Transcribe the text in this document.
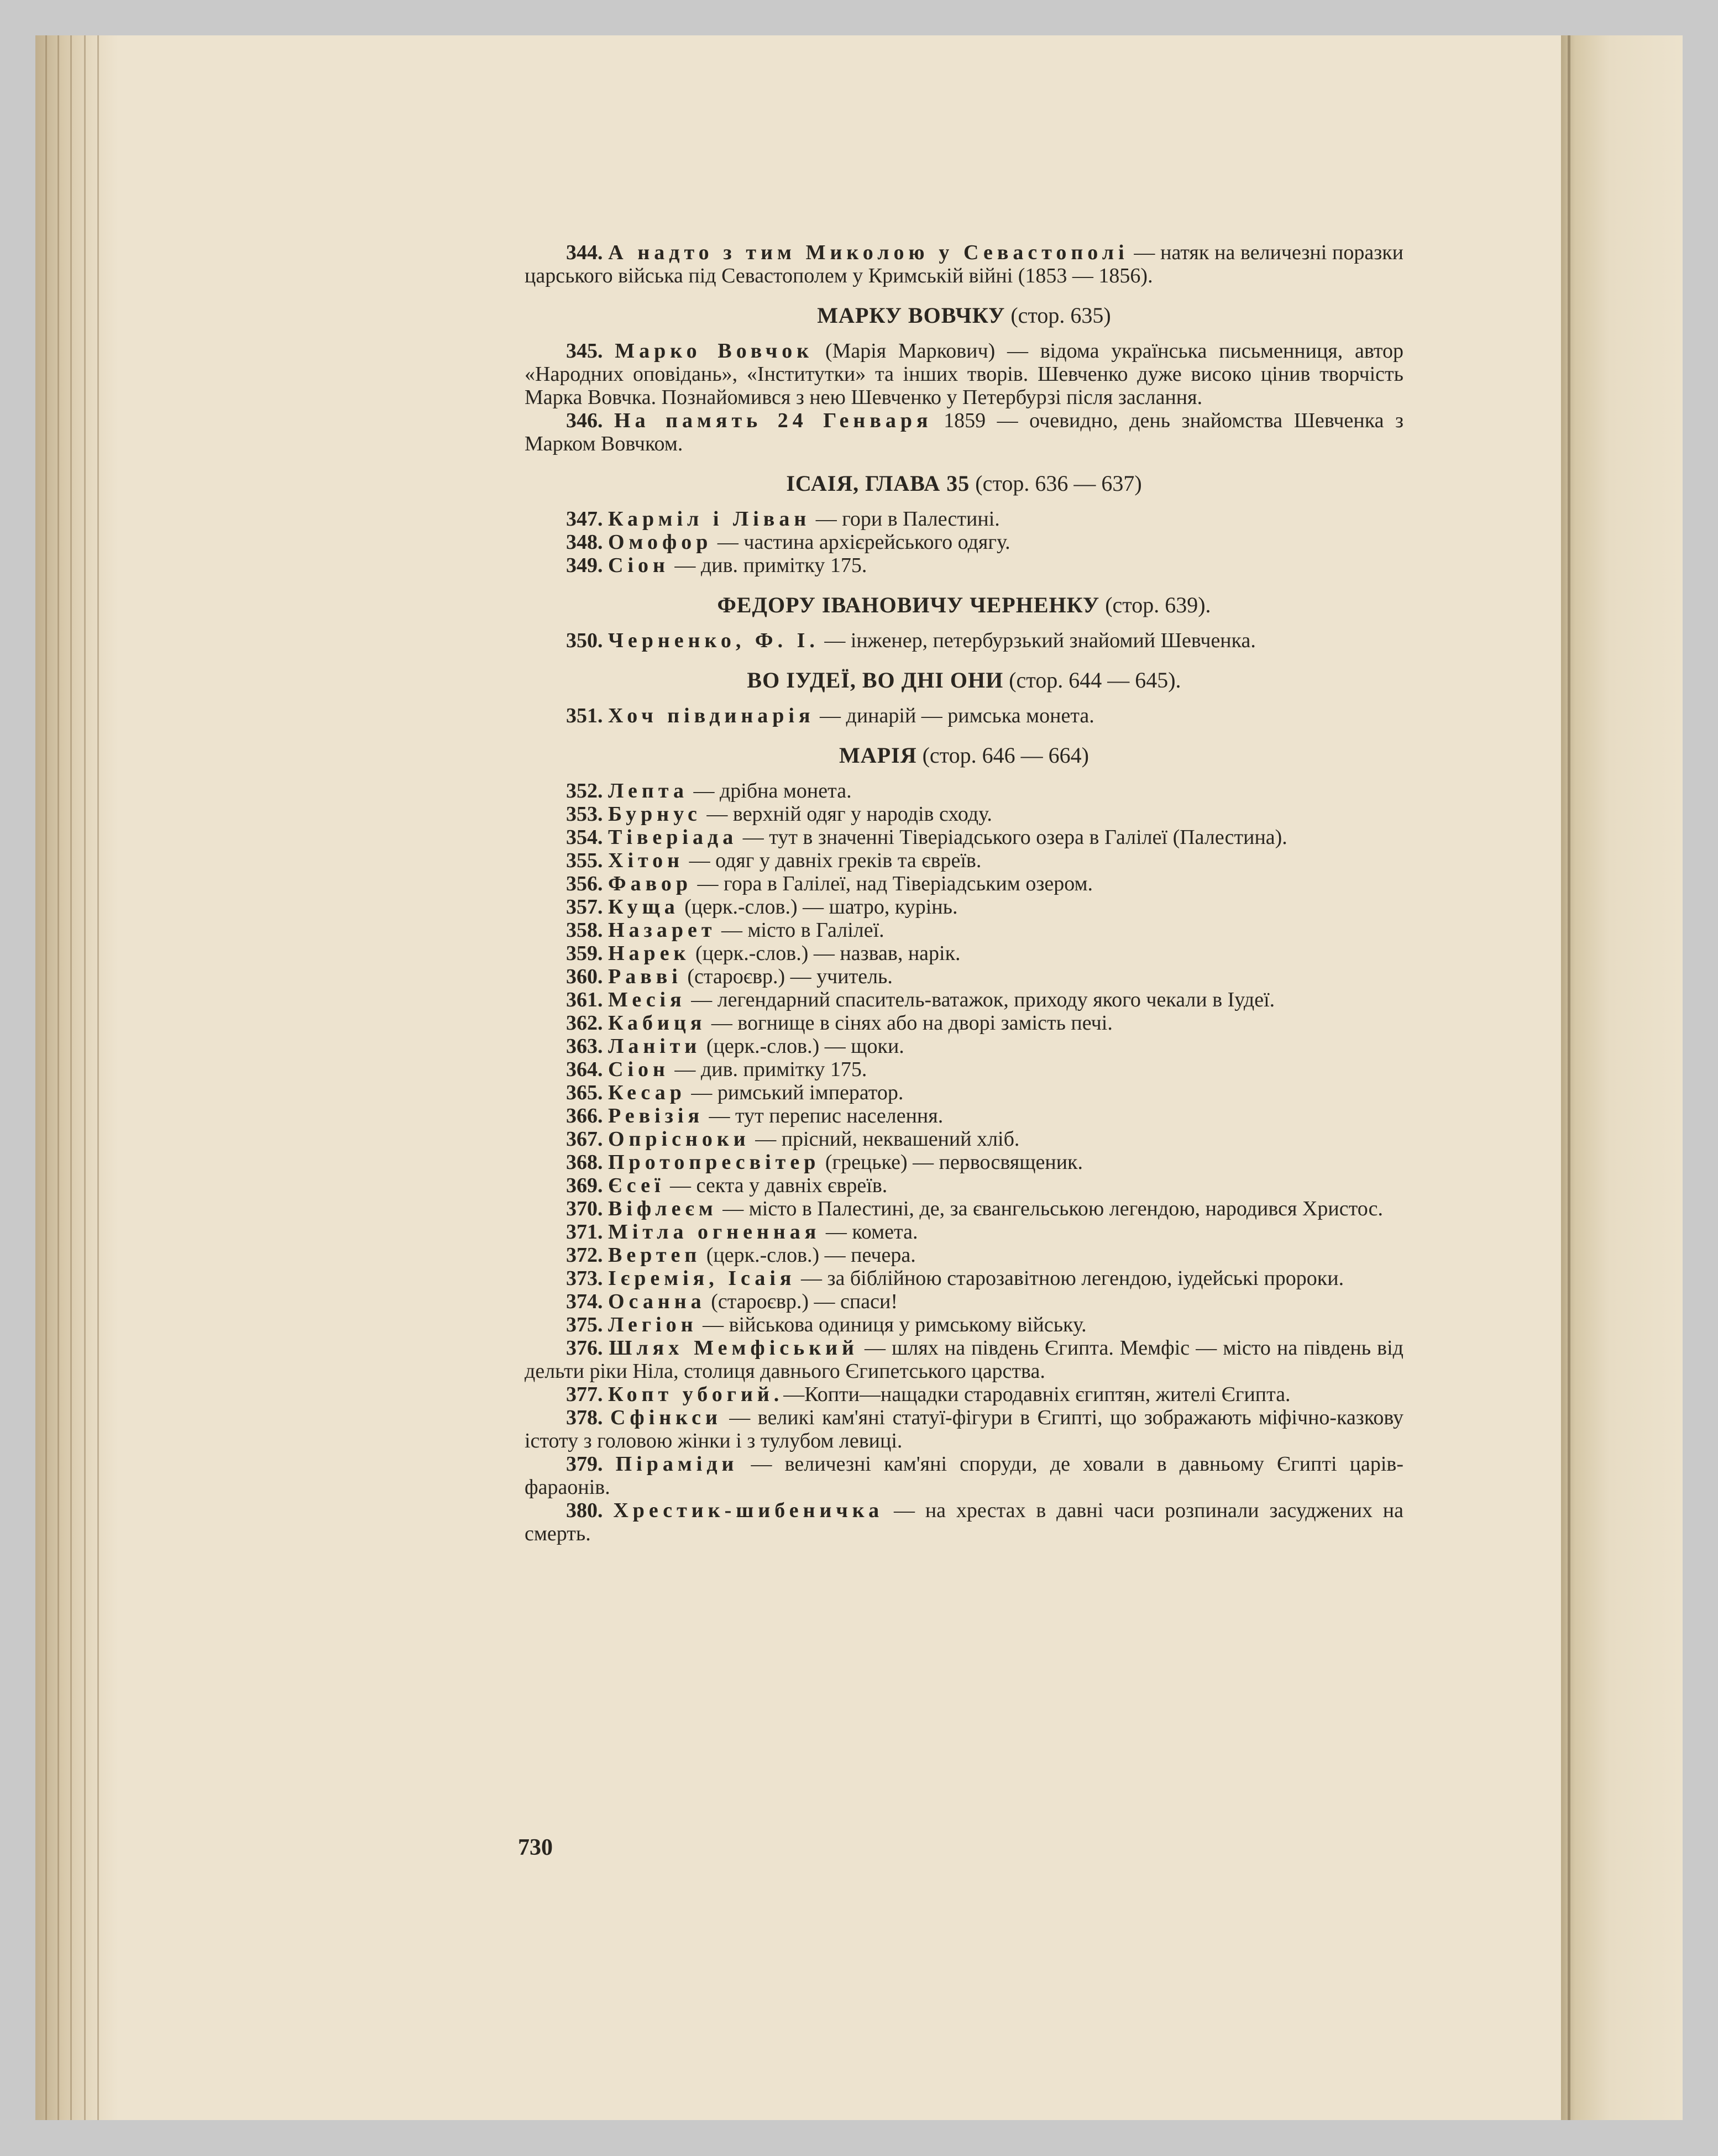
344. А надто з тим Миколою у Севастополі — натяк на величезні поразки царського війська під Севастополем у Кримській війні (1853 — 1856).

МАРКУ ВОВЧКУ (стор. 635)

345. Марко Вовчок (Марія Маркович) — відома українська письменниця, автор «Народних оповідань», «Інститутки» та інших творів. Шевченко дуже високо цінив творчість Марка Вовчка. Познайомився з нею Шевченко у Петербурзі після заслання.

346. На память 24 Генваря 1859 — очевидно, день знайомства Шевченка з Марком Вовчком.

ІСАІЯ, ГЛАВА 35 (стор. 636 — 637)

347. Карміл і Ліван — гори в Палестині.

348. Омофор — частина архієрейського одягу.

349. Сіон — див. примітку 175.

ФЕДОРУ ІВАНОВИЧУ ЧЕРНЕНКУ (стор. 639).

350. Черненко, Ф. І. — інженер, петербурзький знайомий Шевченка.

ВО ІУДЕЇ, ВО ДНІ ОНИ (стор. 644 — 645).

351. Хоч півдинарія — динарій — римська монета.

МАРІЯ (стор. 646 — 664)

352. Лепта — дрібна монета.

353. Бурнус — верхній одяг у народів сходу.

354. Тіверіада — тут в значенні Тіверіадського озера в Галілеї (Палестина).

355. Хітон — одяг у давніх греків та євреїв.

356. Фавор — гора в Галілеї, над Тіверіадським озером.

357. Куща (церк.-слов.) — шатро, курінь.

358. Назарет — місто в Галілеї.

359. Нарек (церк.-слов.) — назвав, нарік.

360. Равві (староєвр.) — учитель.

361. Месія — легендарний спаситель-ватажок, приходу якого чекали в Іудеї.

362. Кабиця — вогнище в сінях або на дворі замість печі.

363. Ланіти (церк.-слов.) — щоки.

364. Сіон — див. примітку 175.

365. Кесар — римський імператор.

366. Ревізія — тут перепис населення.

367. Опрісноки — прісний, неквашений хліб.

368. Протопресвітер (грецьке) — первосвященик.

369. Єсеї — секта у давніх євреїв.

370. Віфлеєм — місто в Палестині, де, за євангельською легендою, народився Христос.

371. Мітла огненная — комета.

372. Вертеп (церк.-слов.) — печера.

373. Ієремія, Ісаія — за біблійною старозавітною легендою, іудейські пророки.

374. Осанна (староєвр.) — спаси!

375. Легіон — військова одиниця у римському війську.

376. Шлях Мемфіський — шлях на південь Єгипта. Мемфіс — місто на південь від дельти ріки Ніла, столиця давнього Єгипетського царства.

377. Копт убогий.—Копти—нащадки стародавніх єгиптян, жителі Єгипта.

378. Сфінкси — великі кам'яні статуї-фігури в Єгипті, що зображають міфічно-казкову істоту з головою жінки і з тулубом левиці.

379. Піраміди — величезні кам'яні споруди, де ховали в давньому Єгипті царів-фараонів.

380. Хрестик-шибеничка — на хрестах в давні часи розпинали засуджених на смерть.

730
